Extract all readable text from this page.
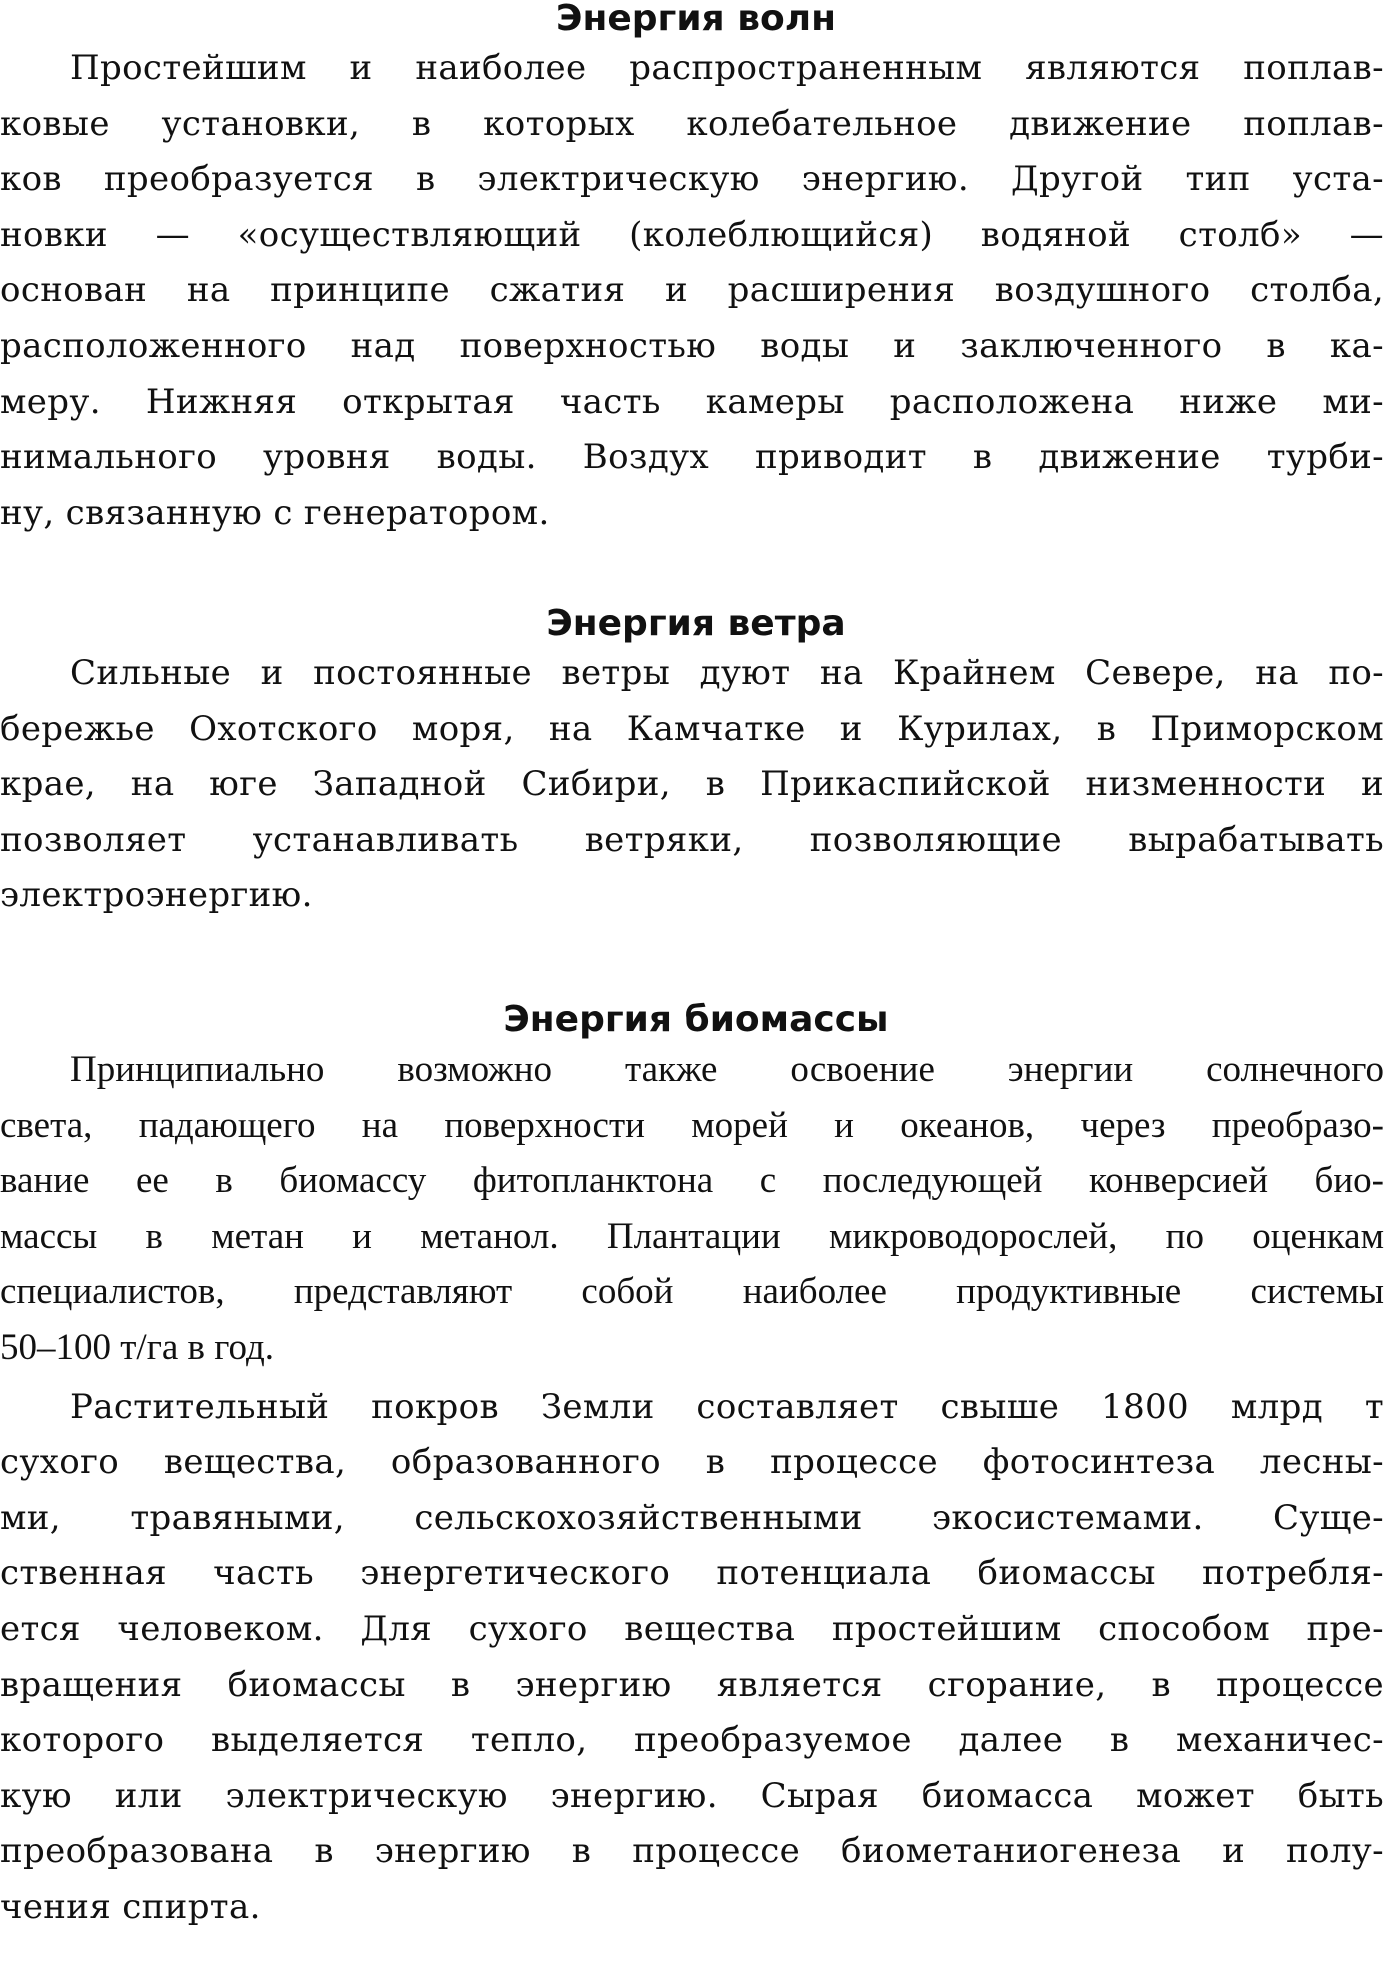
Энергия волн
Простейшим и наиболее распространенным являются поплав-
ковые установки, в которых колебательное движение поплав-
ков преобразуется в электрическую энергию. Другой тип уста-
новки — «осуществляющий (колеблющийся) водяной столб» —
основан на принципе сжатия и расширения воздушного столба,
расположенного над поверхностью воды и заключенного в ка-
меру. Нижняя открытая часть камеры расположена ниже ми-
нимального уровня воды. Воздух приводит в движение турби-
ну, связанную с генератором.
Энергия ветра
Сильные и постоянные ветры дуют на Крайнем Севере, на по-
бережье Охотского моря, на Камчатке и Курилах, в Приморском
крае, на юге Западной Сибири, в Прикаспийской низменности и
позволяет устанавливать ветряки, позволяющие вырабатывать
электроэнергию.
Энергия биомассы
Принципиально возможно также освоение энергии солнечного
света, падающего на поверхности морей и океанов, через преобразо-
вание ее в биомассу фитопланктона с последующей конверсией био-
массы в метан и метанол. Плантации микроводорослей, по оценкам
специалистов, представляют собой наиболее продуктивные системы
50–100 т/га в год.
Растительный покров Земли составляет свыше 1800 млрд т
сухого вещества, образованного в процессе фотосинтеза лесны-
ми, травяными, сельскохозяйственными экосистемами. Суще-
ственная часть энергетического потенциала биомассы потребля-
ется человеком. Для сухого вещества простейшим способом пре-
вращения биомассы в энергию является сгорание, в процессе
которого выделяется тепло, преобразуемое далее в механичес-
кую или электрическую энергию. Сырая биомасса может быть
преобразована в энергию в процессе биометаниогенеза и полу-
чения спирта.
